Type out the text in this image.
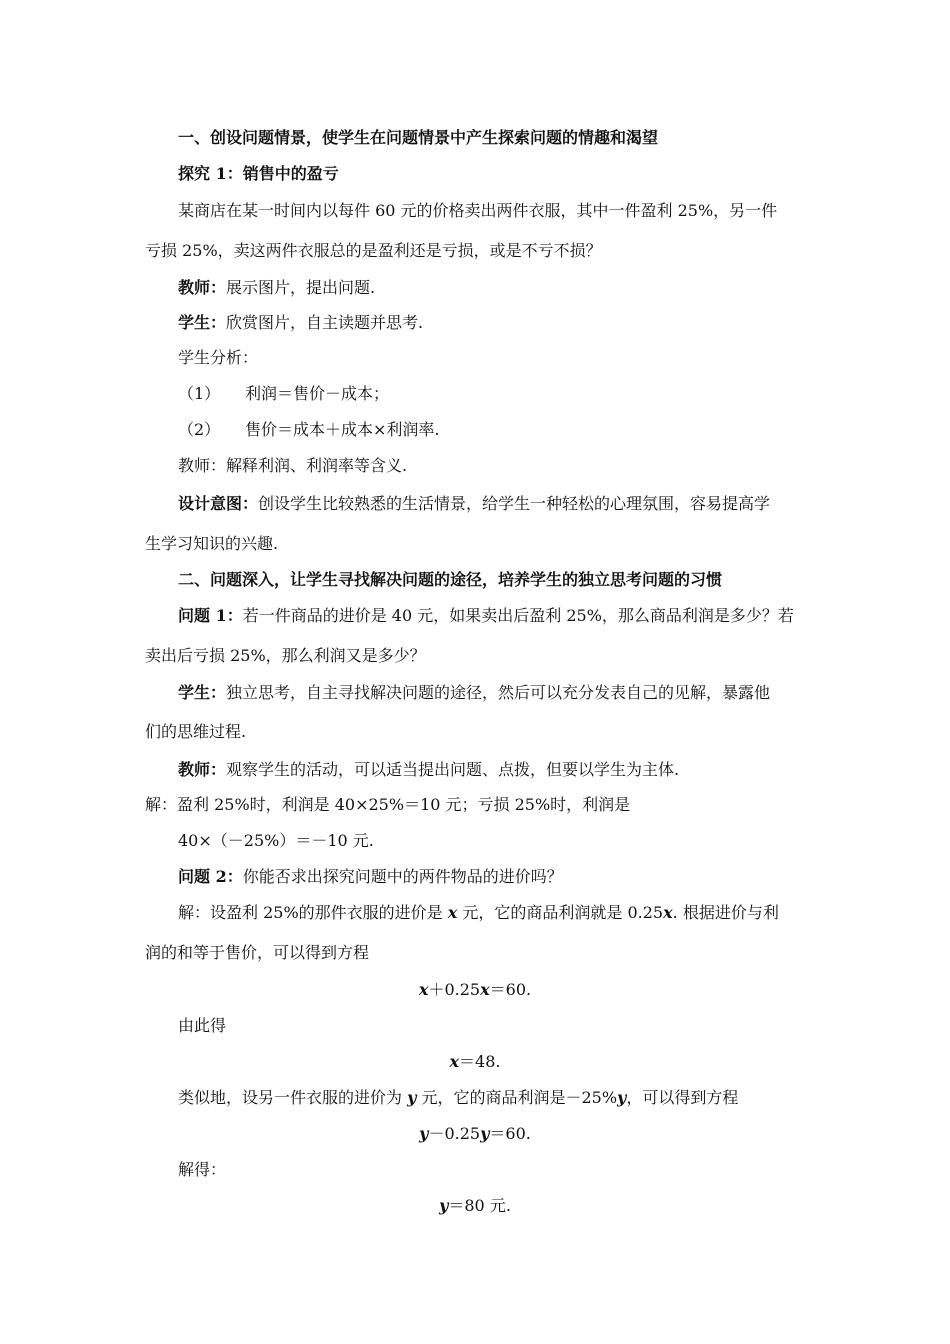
一、创设问题情景，使学生在问题情景中产生探索问题的情趣和渴望
探究 1：销售中的盈亏
某商店在某一时间内以每件 60 元的价格卖出两件衣服，其中一件盈利 25%，另一件
亏损 25%，卖这两件衣服总的是盈利还是亏损，或是不亏不损？
教师：展示图片，提出问题.
学生：欣赏图片，自主读题并思考.
学生分析：
（1） 利润＝售价－成本；
（2） 售价＝成本＋成本×利润率.
教师：解释利润、利润率等含义.
设计意图：创设学生比较熟悉的生活情景，给学生一种轻松的心理氛围，容易提高学
生学习知识的兴趣.
二、问题深入，让学生寻找解决问题的途径，培养学生的独立思考问题的习惯
问题 1：若一件商品的进价是 40 元，如果卖出后盈利 25%，那么商品利润是多少？若
卖出后亏损 25%，那么利润又是多少？
学生：独立思考，自主寻找解决问题的途径，然后可以充分发表自己的见解，暴露他
们的思维过程.
教师：观察学生的活动，可以适当提出问题、点拨，但要以学生为主体.
解：盈利 25%时，利润是 40×25%＝10 元；亏损 25%时，利润是
40×（－25%）＝－10 元.
问题 2：你能否求出探究问题中的两件物品的进价吗？
解：设盈利 25%的那件衣服的进价是 x 元，它的商品利润就是 0.25x. 根据进价与利
润的和等于售价，可以得到方程
x＋0.25x＝60.
由此得
x＝48.
类似地，设另一件衣服的进价为 y 元，它的商品利润是－25%y，可以得到方程
y－0.25y＝60.
解得：
y＝80 元.
